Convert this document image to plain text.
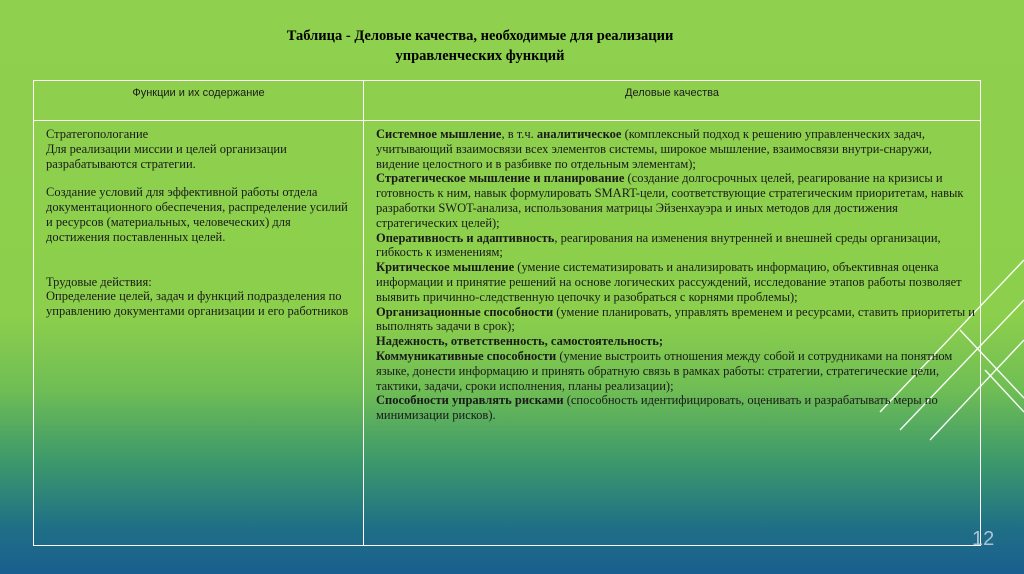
Таблица - Деловые качества, необходимые для реализации
управленческих функций
Функции и их содержание	Деловые качества

Стратегопологание

Для реализации миссии и целей организации разрабатываются стратегии.

Создание условий для эффективной работы отдела документационного обеспечения, распределение усилий и ресурсов (материальных, человеческих) для достижения поставленных целей.

Трудовые действия:

Определение целей, задач и функций подразделения по управлению документами организации и его работников

Системное мышление, в т.ч. аналитическое (комплексный подход к решению управленческих задач, учитывающий взаимосвязи всех элементов системы, широкое мышление, взаимосвязи внутри-снаружи, видение целостного и в разбивке по отдельным элементам);

Стратегическое мышление и планирование (создание долгосрочных целей, реагирование на кризисы и готовность к ним, навык формулировать SMART-цели, соответствующие стратегическим приоритетам, навык разработки SWOT-анализа, использования матрицы Эйзенхауэра и иных методов для достижения стратегических целей);

Оперативность и адаптивность, реагирования на изменения внутренней и внешней среды организации, гибкость к изменениям;

Критическое мышление (умение систематизировать и анализировать информацию, объективная оценка информации и принятие решений на основе логических рассуждений, исследование этапов работы позволяет выявить причинно-следственную цепочку и разобраться с корнями проблемы);

Организационные способности (умение планировать, управлять временем и ресурсами, ставить приоритеты и выполнять задачи в срок);

Надежность, ответственность, самостоятельность;

Коммуникативные способности (умение выстроить отношения между собой и сотрудниками на понятном языке, донести информацию и принять обратную связь в рамках работы: стратегии, стратегические цели, тактики, задачи, сроки исполнения, планы реализации);

Способности управлять рисками (способность идентифицировать, оценивать и разрабатывать меры по минимизации рисков).

12
